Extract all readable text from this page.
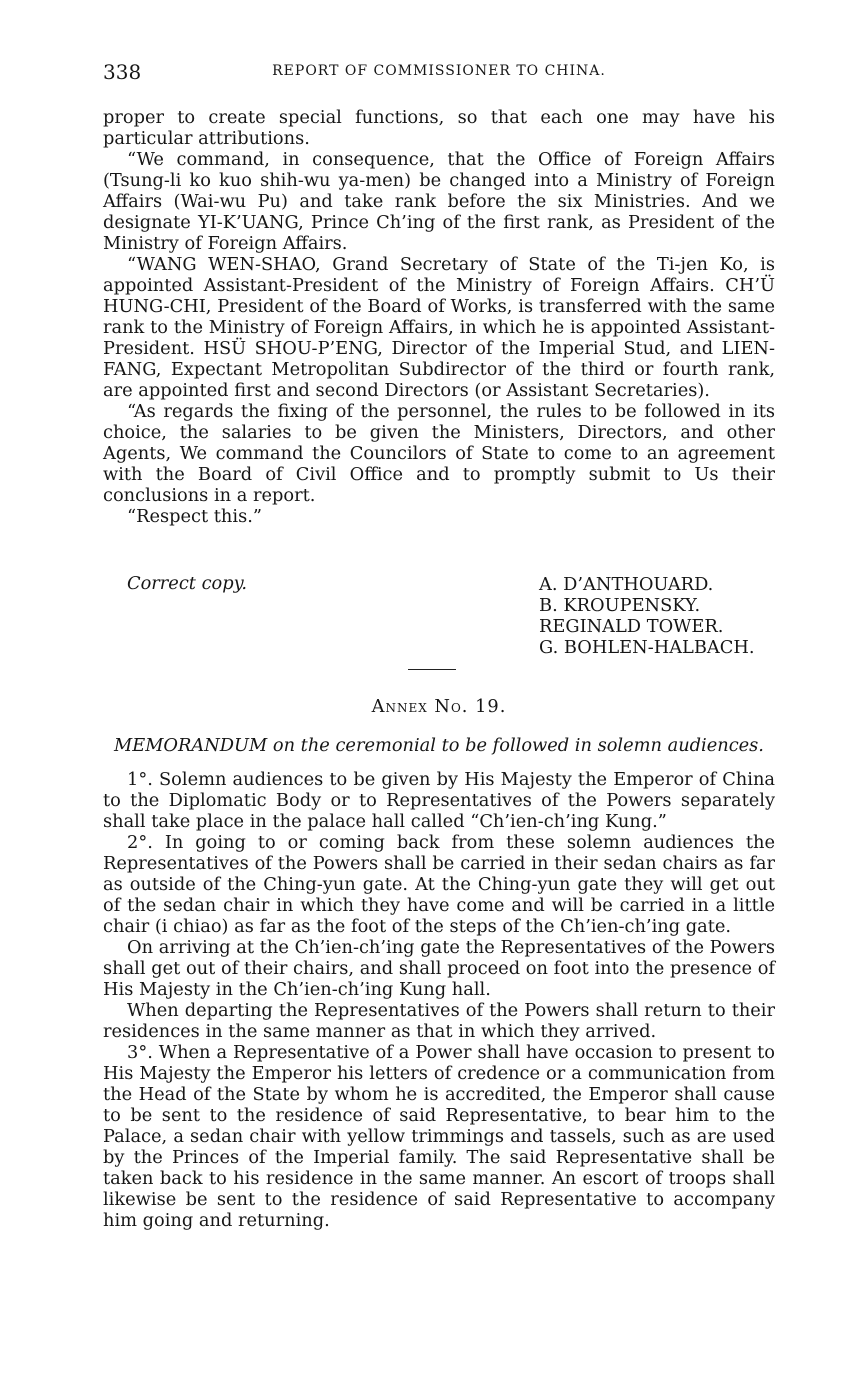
338	REPORT OF COMMISSIONER TO CHINA.

proper to create special functions, so that each one may have his particular attributions.

“We command, in consequence, that the Office of Foreign Affairs (Tsung-li ko kuo shih-wu ya-men) be changed into a Ministry of Foreign Affairs (Wai-wu Pu) and take rank before the six Ministries. And we designate YI-K’UANG, Prince Ch’ing of the first rank, as President of the Ministry of Foreign Affairs.

“WANG WEN-SHAO, Grand Secretary of State of the Ti-jen Ko, is appointed Assistant-President of the Ministry of Foreign Affairs. CH’Ü HUNG-CHI, President of the Board of Works, is transferred with the same rank to the Ministry of Foreign Affairs, in which he is appointed Assistant-President. HSÜ SHOU-P’ENG, Director of the Imperial Stud, and LIEN-FANG, Expectant Metropolitan Subdirector of the third or fourth rank, are appointed first and second Directors (or Assistant Secretaries).

“As regards the fixing of the personnel, the rules to be followed in its choice, the salaries to be given the Ministers, Directors, and other Agents, We command the Councilors of State to come to an agreement with the Board of Civil Office and to promptly submit to Us their conclusions in a report.

“Respect this.”

Correct copy.	A. D’ANTHOUARD.
B. KROUPENSKY.
REGINALD TOWER.
G. BOHLEN-HALBACH.
Annex No. 19.
MEMORANDUM on the ceremonial to be followed in solemn audiences.

1°. Solemn audiences to be given by His Majesty the Emperor of China to the Diplomatic Body or to Representatives of the Powers separately shall take place in the palace hall called “Ch’ien-ch’ing Kung.”

2°. In going to or coming back from these solemn audiences the Representatives of the Powers shall be carried in their sedan chairs as far as outside of the Ching-yun gate. At the Ching-yun gate they will get out of the sedan chair in which they have come and will be carried in a little chair (i chiao) as far as the foot of the steps of the Ch’ien-ch’ing gate.

On arriving at the Ch’ien-ch’ing gate the Representatives of the Powers shall get out of their chairs, and shall proceed on foot into the presence of His Majesty in the Ch’ien-ch’ing Kung hall.

When departing the Representatives of the Powers shall return to their residences in the same manner as that in which they arrived.

3°. When a Representative of a Power shall have occasion to present to His Majesty the Emperor his letters of credence or a communication from the Head of the State by whom he is accredited, the Emperor shall cause to be sent to the residence of said Representative, to bear him to the Palace, a sedan chair with yellow trimmings and tassels, such as are used by the Princes of the Imperial family. The said Representative shall be taken back to his residence in the same manner. An escort of troops shall likewise be sent to the residence of said Representative to accompany him going and returning.
